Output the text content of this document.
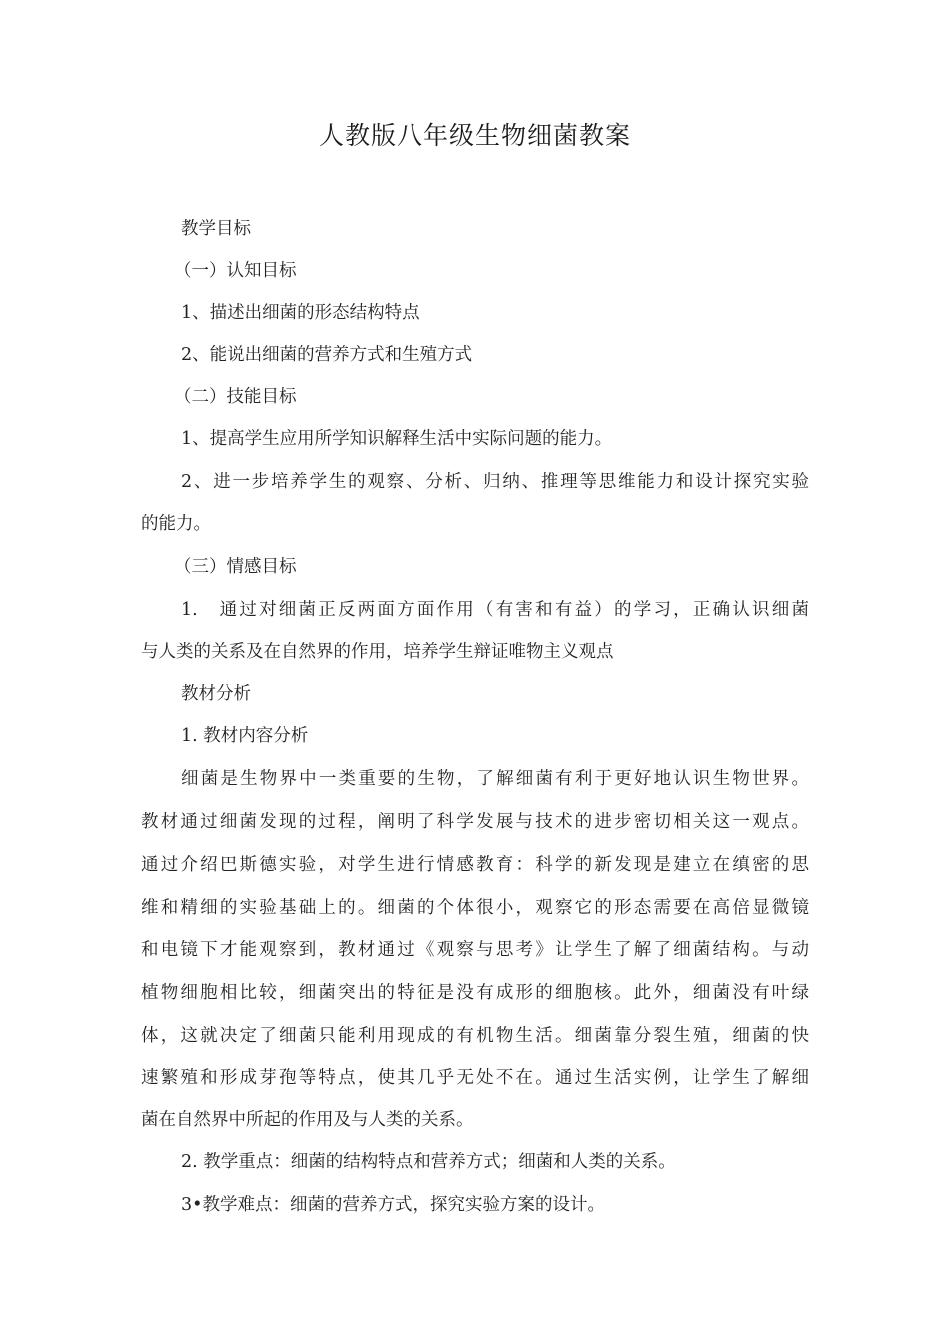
人教版八年级生物细菌教案
教学目标
（一）认知目标
1、描述出细菌的形态结构特点
2、能说出细菌的营养方式和生殖方式
（二）技能目标
1、提高学生应用所学知识解释生活中实际问题的能力。
2、进一步培养学生的观察、分析、归纳、推理等思维能力和设计探究实验
的能力。
（三）情感目标
1.　通过对细菌正反两面方面作用（有害和有益）的学习，正确认识细菌
与人类的关系及在自然界的作用，培养学生辩证唯物主义观点
教材分析
1. 教材内容分析
细菌是生物界中一类重要的生物，了解细菌有利于更好地认识生物世界。
教材通过细菌发现的过程，阐明了科学发展与技术的进步密切相关这一观点。
通过介绍巴斯德实验，对学生进行情感教育：科学的新发现是建立在缜密的思
维和精细的实验基础上的。细菌的个体很小，观察它的形态需要在高倍显微镜
和电镜下才能观察到，教材通过《观察与思考》让学生了解了细菌结构。与动
植物细胞相比较，细菌突出的特征是没有成形的细胞核。此外，细菌没有叶绿
体，这就决定了细菌只能利用现成的有机物生活。细菌靠分裂生殖，细菌的快
速繁殖和形成芽孢等特点，使其几乎无处不在。通过生活实例，让学生了解细
菌在自然界中所起的作用及与人类的关系。
2. 教学重点：细菌的结构特点和营养方式；细菌和人类的关系。
3•教学难点：细菌的营养方式，探究实验方案的设计。
